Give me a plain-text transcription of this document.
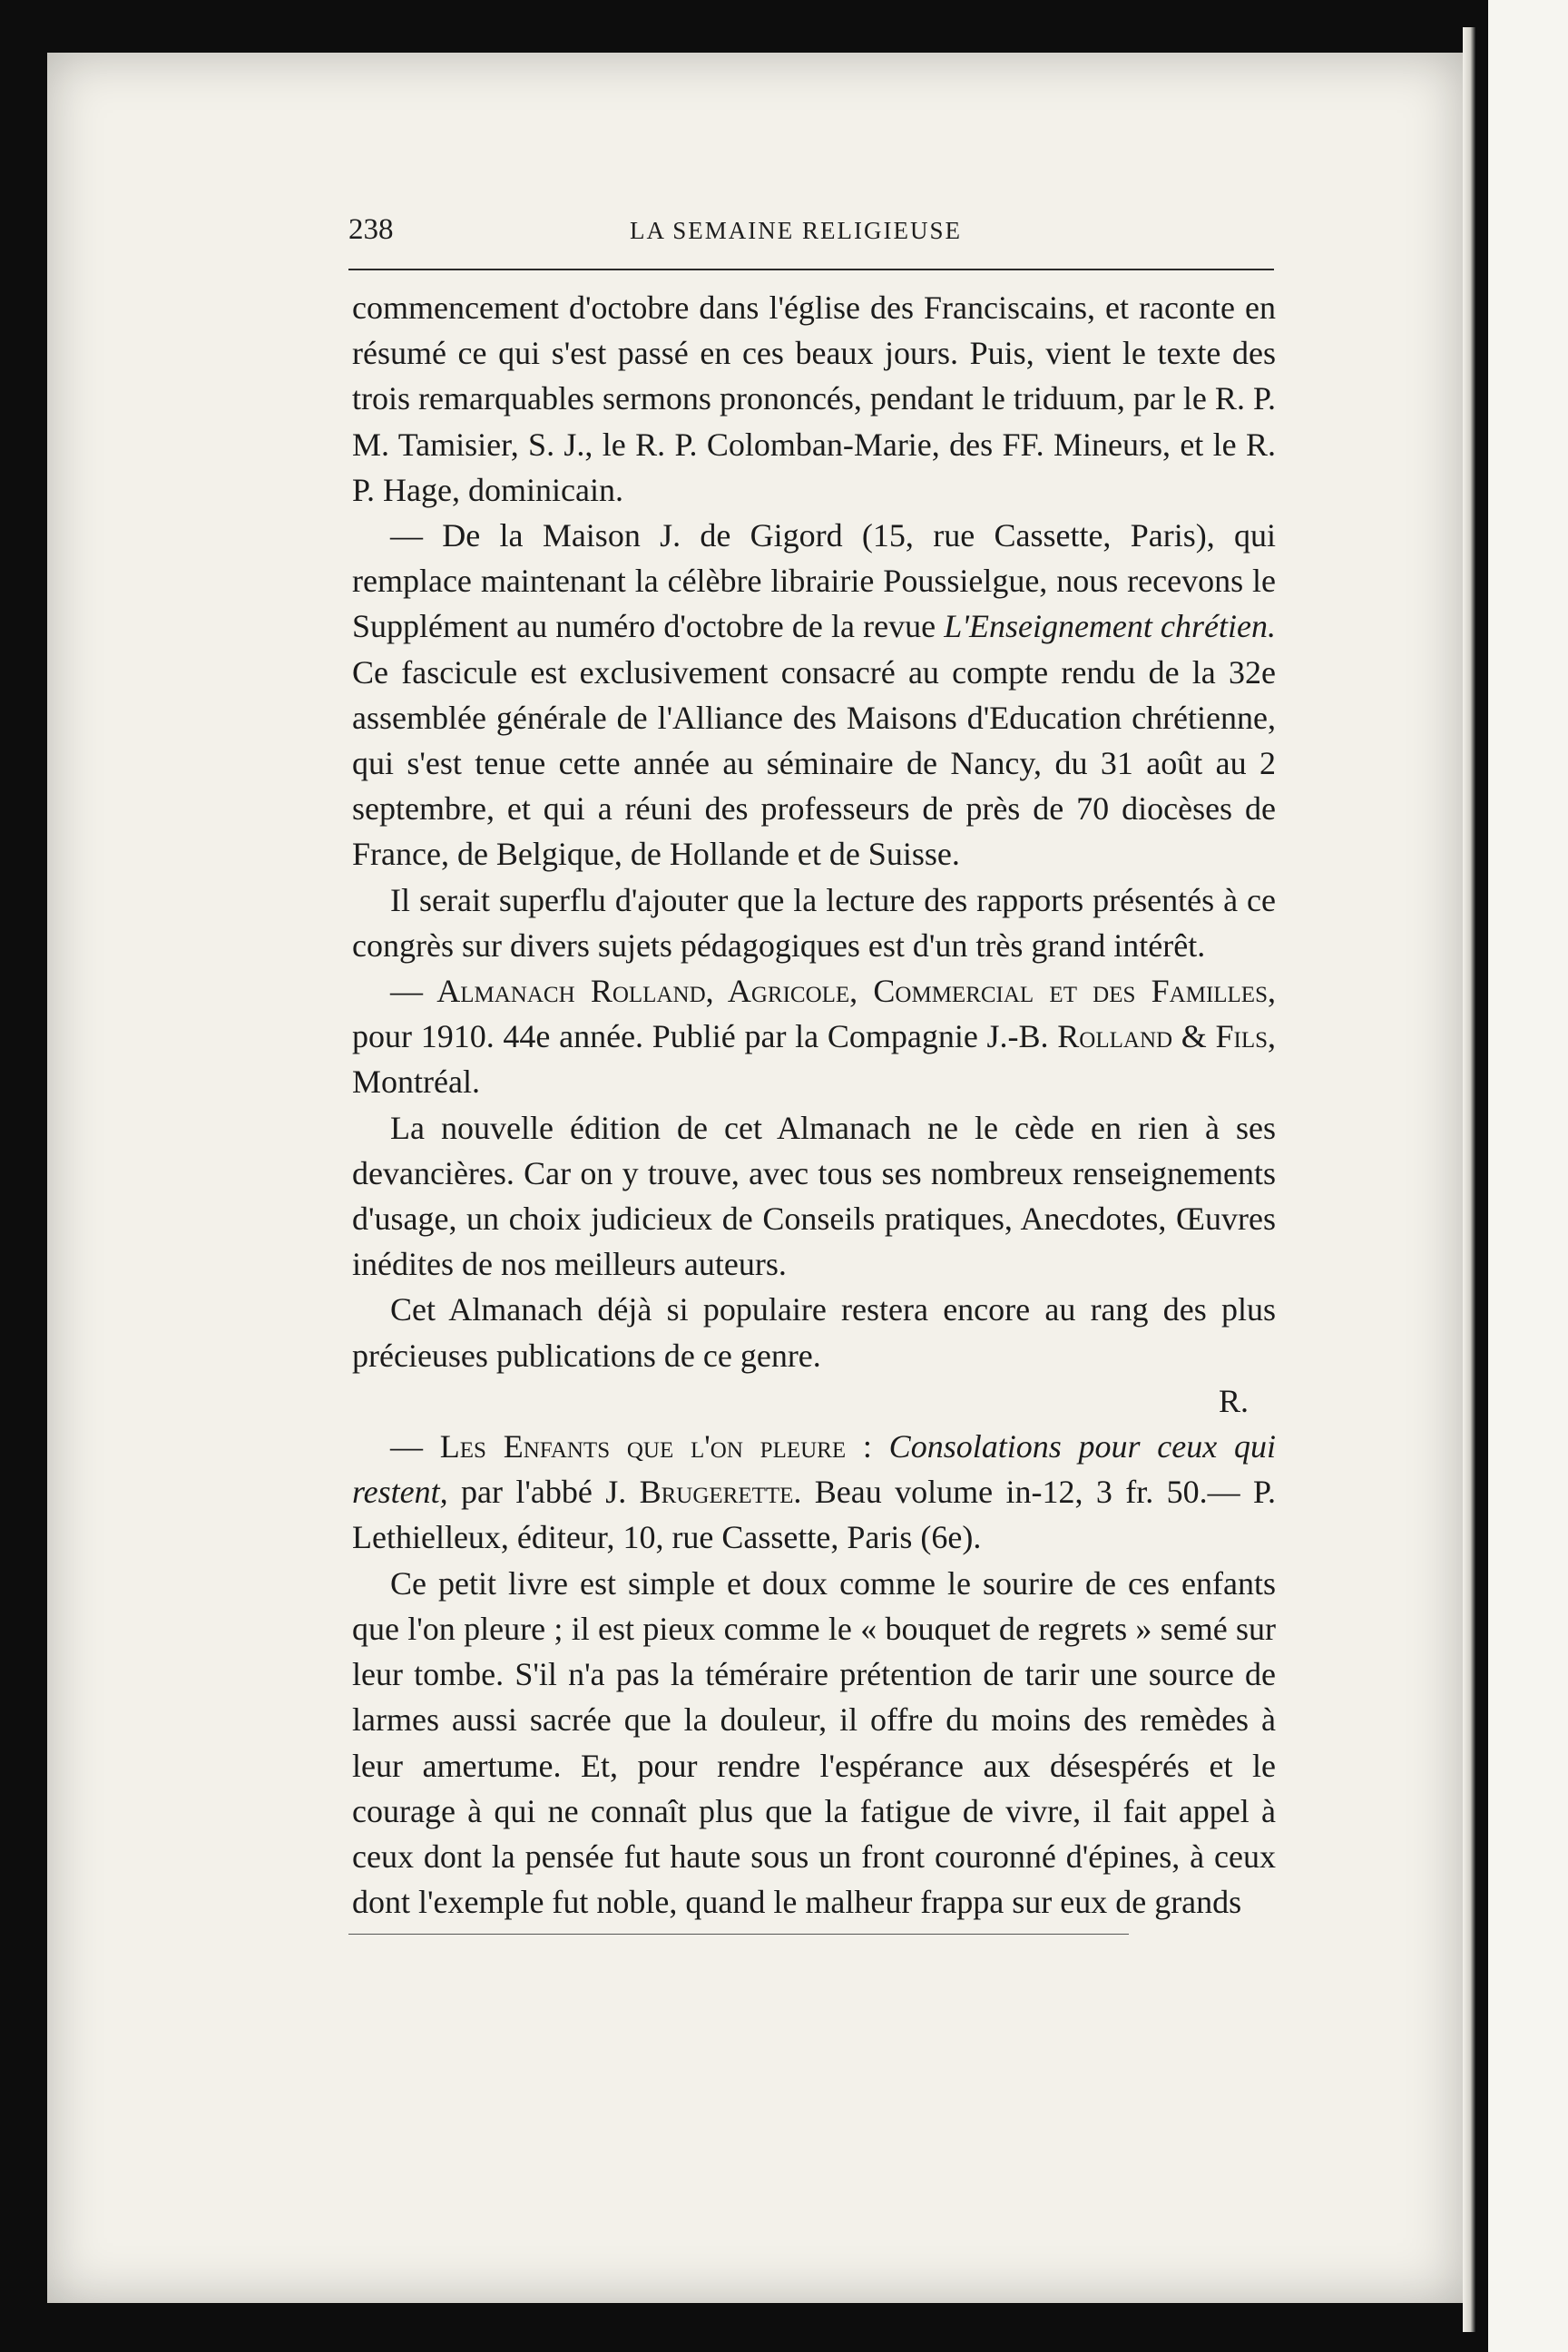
238	LA SEMAINE RELIGIEUSE

commencement d'octobre dans l'église des Franciscains, et raconte en résumé ce qui s'est passé en ces beaux jours. Puis, vient le texte des trois remarquables sermons prononcés, pendant le triduum, par le R. P. M. Tamisier, S. J., le R. P. Colomban-Marie, des FF. Mineurs, et le R. P. Hage, dominicain.

— De la Maison J. de Gigord (15, rue Cassette, Paris), qui remplace maintenant la célèbre librairie Poussielgue, nous recevons le Supplément au numéro d'octobre de la revue L'Enseignement chrétien. Ce fascicule est exclusivement consacré au compte rendu de la 32e assemblée générale de l'Alliance des Maisons d'Education chrétienne, qui s'est tenue cette année au séminaire de Nancy, du 31 août au 2 septembre, et qui a réuni des professeurs de près de 70 diocèses de France, de Belgique, de Hollande et de Suisse.

Il serait superflu d'ajouter que la lecture des rapports présentés à ce congrès sur divers sujets pédagogiques est d'un très grand intérêt.

— Almanach Rolland, Agricole, Commercial et des Familles, pour 1910. 44e année. Publié par la Compagnie J.-B. Rolland & Fils, Montréal.

La nouvelle édition de cet Almanach ne le cède en rien à ses devancières. Car on y trouve, avec tous ses nombreux renseignements d'usage, un choix judicieux de Conseils pratiques, Anecdotes, Œuvres inédites de nos meilleurs auteurs.

Cet Almanach déjà si populaire restera encore au rang des plus précieuses publications de ce genre.

R.

— Les Enfants que l'on pleure : Consolations pour ceux qui restent, par l'abbé J. Brugerette. Beau volume in-12, 3 fr. 50.— P. Lethielleux, éditeur, 10, rue Cassette, Paris (6e).

Ce petit livre est simple et doux comme le sourire de ces enfants que l'on pleure ; il est pieux comme le « bouquet de regrets » semé sur leur tombe. S'il n'a pas la téméraire prétention de tarir une source de larmes aussi sacrée que la douleur, il offre du moins des remèdes à leur amertume. Et, pour rendre l'espérance aux désespérés et le courage à qui ne connaît plus que la fatigue de vivre, il fait appel à ceux dont la pensée fut haute sous un front couronné d'épines, à ceux dont l'exemple fut noble, quand le malheur frappa sur eux de grands
